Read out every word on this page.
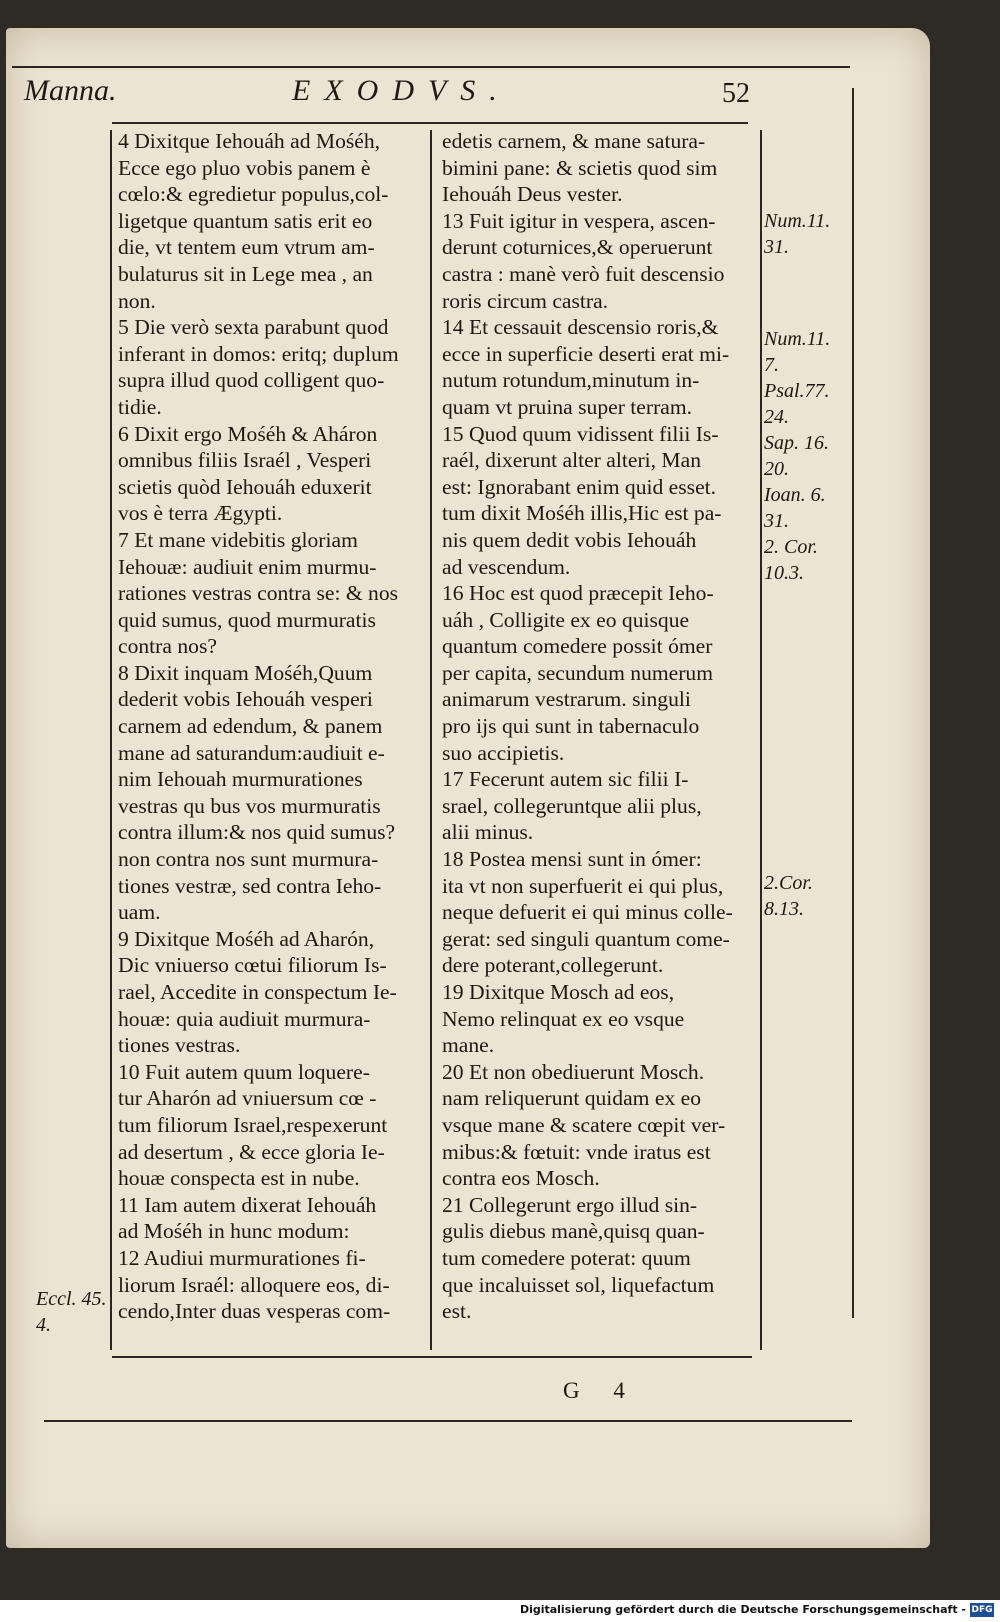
Manna.	EXODVS.	52
4 Dixitque Iehouáh ad Mośéh,
Ecce ego pluo vobis panem è
cœlo:& egredietur populus,col-
ligetque quantum satis erit eo
die, vt tentem eum vtrum am-
bulaturus sit in Lege mea , an
non.
5 Die verò sexta parabunt quod
inferant in domos: eritq; duplum
supra illud quod colligent quo-
tidie.
6 Dixit ergo Mośéh & Aháron
omnibus filiis Israél , Vesperi
scietis quòd Iehouáh eduxerit
vos è terra Ægypti.
7 Et mane videbitis gloriam
Iehouæ: audiuit enim murmu-
rationes vestras contra se: & nos
quid sumus, quod murmuratis
contra nos?
8 Dixit inquam Mośéh,Quum
dederit vobis Iehouáh vesperi
carnem ad edendum, & panem
mane ad saturandum:audiuit e-
nim Iehouah murmurationes
vestras qu bus vos murmuratis
contra illum:& nos quid sumus?
non contra nos sunt murmura-
tiones vestræ, sed contra Ieho-
uam.
9 Dixitque Mośéh ad Aharón,
Dic vniuerso cœtui filiorum Is-
rael, Accedite in conspectum Ie-
houæ: quia audiuit murmura-
tiones vestras.
10 Fuit autem quum loquere-
tur Aharón ad vniuersum cœ -
tum filiorum Israel,respexerunt
ad desertum , & ecce gloria Ie-
houæ conspecta est in nube.
11 Iam autem dixerat Iehouáh
ad Mośéh in hunc modum:
12 Audiui murmurationes fi-
liorum Israél: alloquere eos, di-
cendo,Inter duas vesperas com-
edetis carnem, & mane satura-
bimini pane: & scietis quod sim
Iehouáh Deus vester.
13 Fuit igitur in vespera, ascen-
derunt coturnices,& operuerunt
castra : manè verò fuit descensio
roris circum castra.
14 Et cessauit descensio roris,&
ecce in superficie deserti erat mi-
nutum rotundum,minutum in-
quam vt pruina super terram.
15 Quod quum vidissent filii Is-
raél, dixerunt alter alteri, Man
est: Ignorabant enim quid esset.
tum dixit Mośéh illis,Hic est pa-
nis quem dedit vobis Iehouáh
ad vescendum.
16 Hoc est quod præcepit Ieho-
uáh , Colligite ex eo quisque
quantum comedere possit ómer
per capita, secundum numerum
animarum vestrarum. singuli
pro ijs qui sunt in tabernaculo
suo accipietis.
17 Fecerunt autem sic filii I-
srael, collegeruntque alii plus,
alii minus.
18 Postea mensi sunt in ómer:
ita vt non superfuerit ei qui plus,
neque defuerit ei qui minus colle-
gerat: sed singuli quantum come-
dere poterant,collegerunt.
19 Dixitque Mosch ad eos,
Nemo relinquat ex eo vsque
mane.
20 Et non obediuerunt Mosch.
nam reliquerunt quidam ex eo
vsque mane & scatere cœpit ver-
mibus:& fœtuit: vnde iratus est
contra eos Mosch.
21 Collegerunt ergo illud sin-
gulis diebus manè,quisq quan-
tum comedere poterat: quum
que incaluisset sol, liquefactum
est.
Num.11.
31.
Num.11.
7.
Psal.77.
24.
Sap. 16.
20.
Ioan. 6.
31.
2. Cor.
10.3.
2.Cor.
8.13.
Eccl. 45.
4.
G 4
Digitalisierung gefördert durch die Deutsche Forschungsgemeinschaft - DFG
